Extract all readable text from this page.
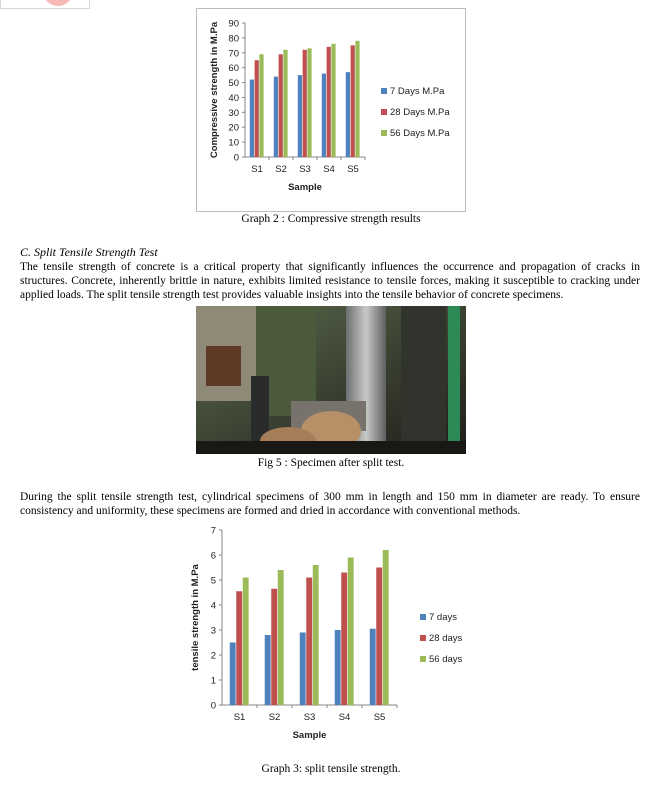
0
10
20
30
40
50
60
70
80
90
S1 S2 S3 S4 S5
Sample
Compressive strength in M.Pa	7 Days M.Pa
28 Days M.Pa
56 Days M.Pa
Graph 2 : Compressive strength results
C. Split Tensile Strength Test

The tensile strength of concrete is a critical property that significantly influences the occurrence and propagation of cracks in structures. Concrete, inherently brittle in nature, exhibits limited resistance to tensile forces, making it susceptible to cracking under applied loads. The split tensile strength test provides valuable insights into the tensile behavior of concrete specimens.

Fig 5 : Specimen after split test.

During the split tensile strength test, cylindrical specimens of 300 mm in length and 150 mm in diameter are ready. To ensure consistency and uniformity, these specimens are formed and dried in accordance with conventional methods.

0
1
2
3
4
5
6
7
S1 S2 S3 S4 S5
Sample
tensile strength in M.Pa	7 days
28 days
56 days
Graph 3: split tensile strength.
